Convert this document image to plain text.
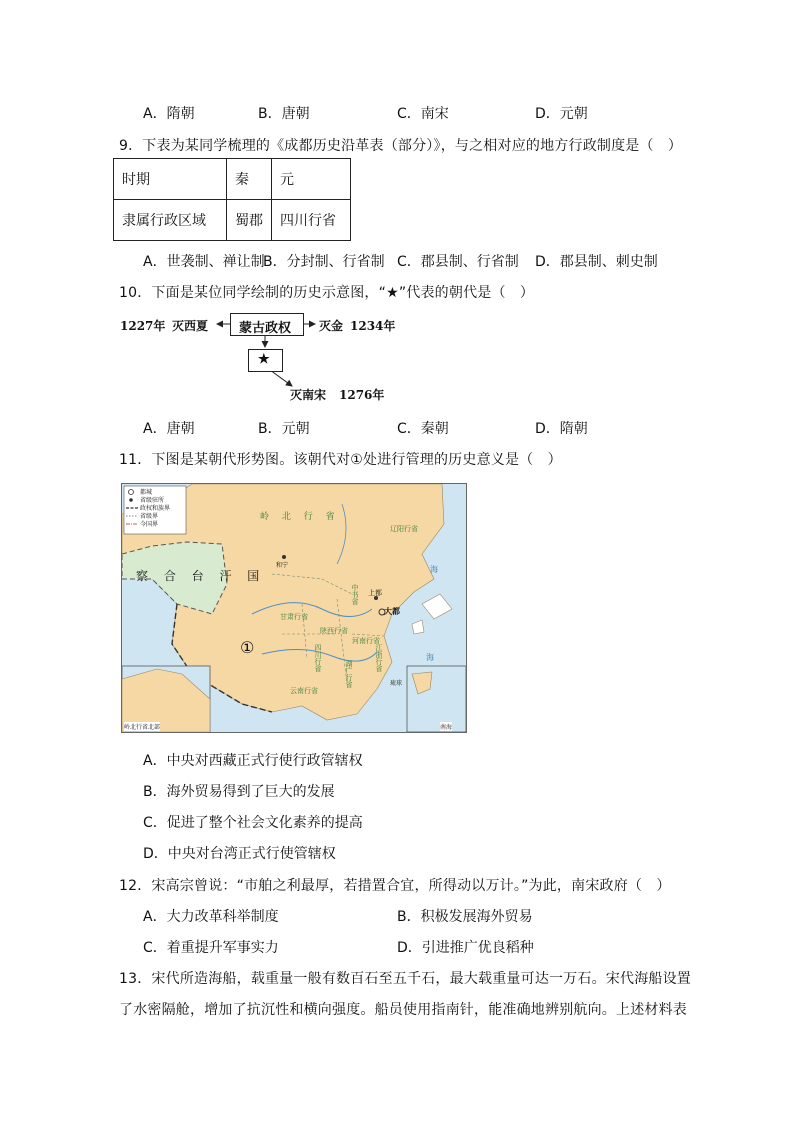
A．隋朝	B．唐朝	C．南宋	D．元朝
9．下表为某同学梳理的《成都历史沿革表（部分）》，与之相对应的地方行政制度是（　）
时期	秦	元
隶属行政区域	蜀郡	四川行省
A．世袭制、禅让制
B．分封制、行省制 C．郡县制、行省制 D．郡县制、刺史制
10．下面是某位同学绘制的历史示意图，“★”代表的朝代是（　）
1227年 灭西夏 蒙古政权 灭金 1234年
★
灭南宋 1276年
A．唐朝	B．元朝	C．秦朝	D．隋朝
11．下图是某朝代形势图。该朝代对①处进行管理的历史意义是（　）
都城
省级驻所
政权和族界
省级界
今国界
岭 北 行 省
察 合 台 汗 国
和宁
上都
大都
①
辽阳行省
中书省
甘肃行省
陕西行省
河南行省
四川行省	江浙行省
湖广行省
云南行省
琉球
海
海
岭北行省北部	南海
A．中央对西藏正式行使行政管辖权
B．海外贸易得到了巨大的发展
C．促进了整个社会文化素养的提高
D．中央对台湾正式行使管辖权
12．宋高宗曾说：“市舶之利最厚，若措置合宜，所得动以万计。”为此，南宋政府（　）
A．大力改革科举制度	B．积极发展海外贸易
C．着重提升军事实力	D．引进推广优良稻种
13．宋代所造海船，载重量一般有数百石至五千石，最大载重量可达一万石。宋代海船设置
了水密隔舱，增加了抗沉性和横向强度。船员使用指南针，能准确地辨别航向。上述材料表
